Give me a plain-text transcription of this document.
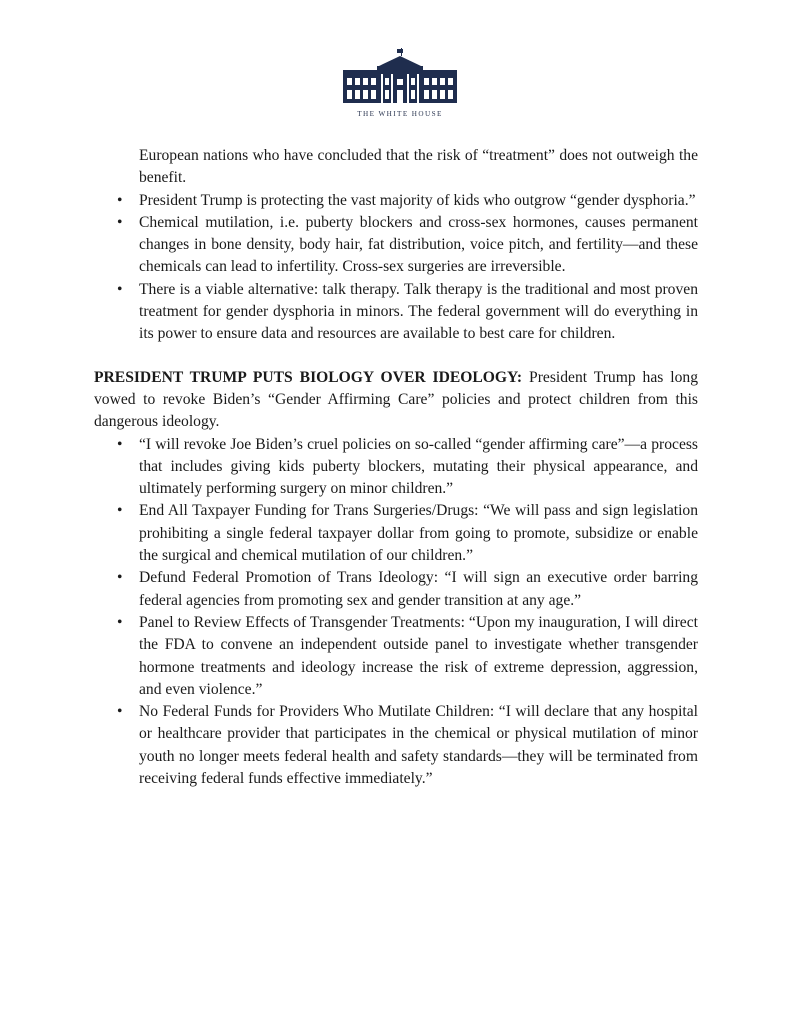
THE WHITE HOUSE
European nations who have concluded that the risk of “treatment” does not outweigh the benefit.
• President Trump is protecting the vast majority of kids who outgrow “gender dysphoria.”
• Chemical mutilation, i.e. puberty blockers and cross-sex hormones, causes permanent changes in bone density, body hair, fat distribution, voice pitch, and fertility—and these chemicals can lead to infertility. Cross-sex surgeries are irreversible.
• There is a viable alternative: talk therapy. Talk therapy is the traditional and most proven treatment for gender dysphoria in minors. The federal government will do everything in its power to ensure data and resources are available to best care for children.

PRESIDENT TRUMP PUTS BIOLOGY OVER IDEOLOGY: President Trump has long vowed to revoke Biden’s “Gender Affirming Care” policies and protect children from this dangerous ideology.

• “I will revoke Joe Biden’s cruel policies on so-called “gender affirming care”—a process that includes giving kids puberty blockers, mutating their physical appearance, and ultimately performing surgery on minor children.”
• End All Taxpayer Funding for Trans Surgeries/Drugs: “We will pass and sign legislation prohibiting a single federal taxpayer dollar from going to promote, subsidize or enable the surgical and chemical mutilation of our children.”
• Defund Federal Promotion of Trans Ideology: “I will sign an executive order barring federal agencies from promoting sex and gender transition at any age.”
• Panel to Review Effects of Transgender Treatments: “Upon my inauguration, I will direct the FDA to convene an independent outside panel to investigate whether transgender hormone treatments and ideology increase the risk of extreme depression, aggression, and even violence.”
• No Federal Funds for Providers Who Mutilate Children: “I will declare that any hospital or healthcare provider that participates in the chemical or physical mutilation of minor youth no longer meets federal health and safety standards—they will be terminated from receiving federal funds effective immediately.”
